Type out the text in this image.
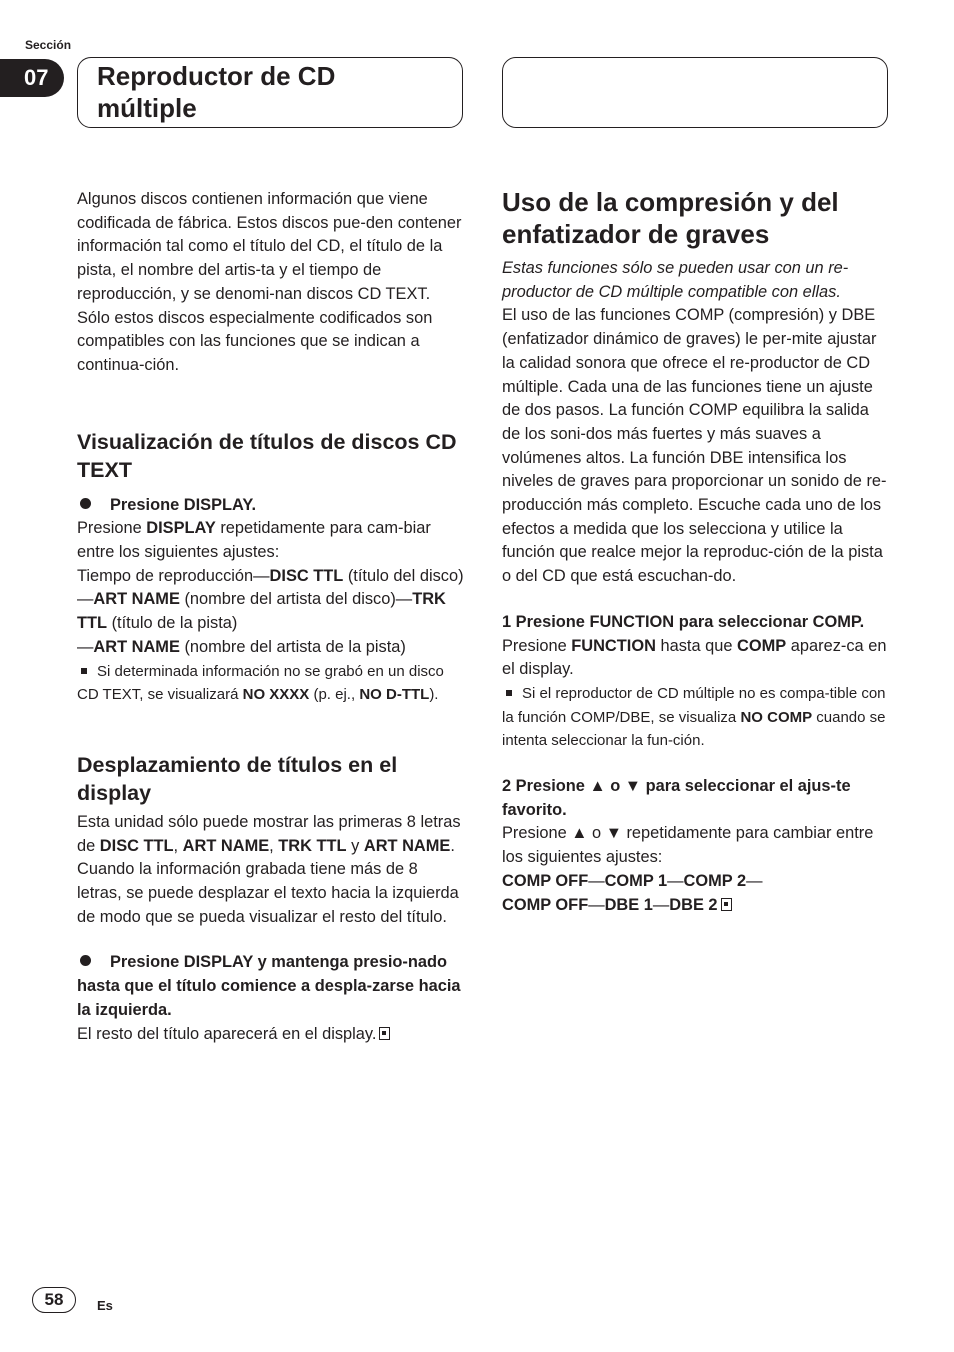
Sección
07	Reproductor de CD
múltiple

Algunos discos contienen información que viene codificada de fábrica. Estos discos pue-den contener información tal como el título del CD, el título de la pista, el nombre del artis-ta y el tiempo de reproducción, y se denomi-nan discos CD TEXT. Sólo estos discos especialmente codificados son compatibles con las funciones que se indican a continua-ción.

Visualización de títulos de discos CD TEXT

Presione DISPLAY.

Presione DISPLAY repetidamente para cam-biar entre los siguientes ajustes:

Tiempo de reproducción—DISC TTL (título del disco)—ART NAME (nombre del artista del disco)—TRK TTL (título de la pista)
—ART NAME (nombre del artista de la pista)

Si determinada información no se grabó en un disco CD TEXT, se visualizará NO XXXX (p. ej., NO D-TTL).

Desplazamiento de títulos en el display

Esta unidad sólo puede mostrar las primeras 8 letras de DISC TTL, ART NAME, TRK TTL y ART NAME. Cuando la información grabada tiene más de 8 letras, se puede desplazar el texto hacia la izquierda de modo que se pueda visualizar el resto del título.

Presione DISPLAY y mantenga presio-nado hasta que el título comience a despla-zarse hacia la izquierda.

El resto del título aparecerá en el display.

Uso de la compresión y del enfatizador de graves

Estas funciones sólo se pueden usar con un re-productor de CD múltiple compatible con ellas.

El uso de las funciones COMP (compresión) y DBE (enfatizador dinámico de graves) le per-mite ajustar la calidad sonora que ofrece el re-productor de CD múltiple. Cada una de las funciones tiene un ajuste de dos pasos. La función COMP equilibra la salida de los soni-dos más fuertes y más suaves a volúmenes altos. La función DBE intensifica los niveles de graves para proporcionar un sonido de re-producción más completo. Escuche cada uno de los efectos a medida que los selecciona y utilice la función que realce mejor la reproduc-ción de la pista o del CD que está escuchan-do.

1 Presione FUNCTION para seleccionar COMP.

Presione FUNCTION hasta que COMP aparez-ca en el display.

Si el reproductor de CD múltiple no es compa-tible con la función COMP/DBE, se visualiza NO COMP cuando se intenta seleccionar la fun-ción.

2 Presione ▲ o ▼ para seleccionar el ajus-te favorito.

Presione ▲ o ▼ repetidamente para cambiar entre los siguientes ajustes:

COMP OFF—COMP 1—COMP 2—
COMP OFF—DBE 1—DBE 2

58	Es
